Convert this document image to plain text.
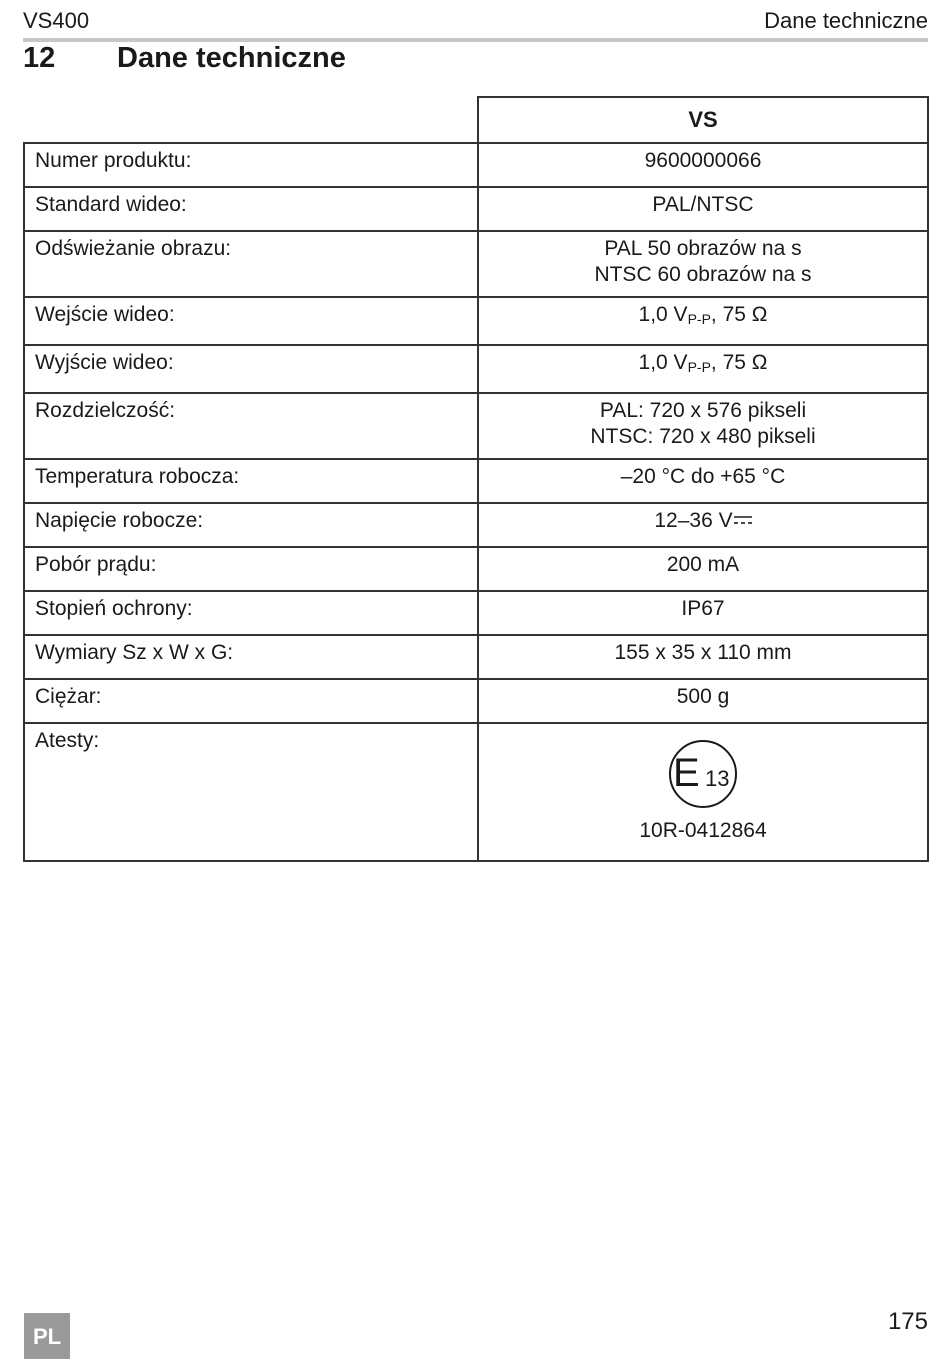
VS400	Dane techniczne
12 Dane techniczne
	VS
Numer produktu:	9600000066
Standard wideo:	PAL/NTSC
Odświeżanie obrazu:	PAL 50 obrazów na s
NTSC 60 obrazów na s

Wejście wideo:	1,0 $V_{P-P}$, 75 Ω
Wyjście wideo:	1,0 $V_{P-P}$, 75 Ω
Rozdzielczość:	PAL: 720 x 576 pikseli
NTSC: 720 x 480 pikseli

Temperatura robocza:	–20 °C do +65 °C
Napięcie robocze:	12–36 V
Pobór prądu:	200 mA
Stopień ochrony:	IP67
Wymiary Sz x W x G:	155 x 35 x 110 mm
Ciężar:	500 g
Atesty:	E 13
10R-0412864
PL
175
